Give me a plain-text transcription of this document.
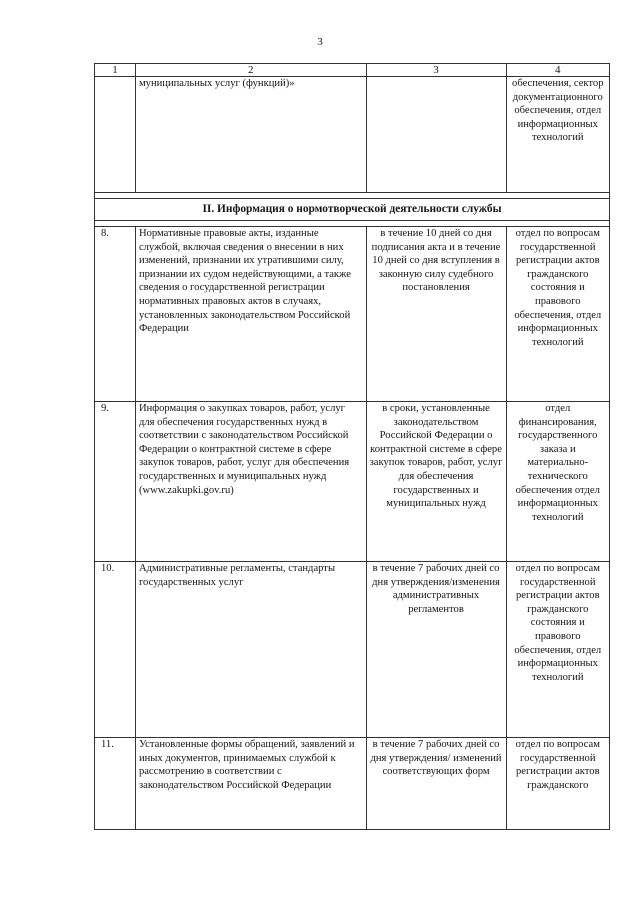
3
1	2	3	4
	муниципальных услуг (функций)»		обеспечения, сектор документационного обеспечения, отдел информационных технологий

II. Информация о нормотворческой деятельности службы			

8.	Нормативные правовые акты, изданные службой, включая сведения о внесении в них изменений, признании их утратившими силу, признании их судом недействующими, а также сведения о государственной регистрации нормативных правовых актов в случаях, установленных законодательством Российской Федерации	в течение 10 дней со дня подписания акта и в течение 10 дней со дня вступления в законную силу судебного постановления	отдел по вопросам государственной регистрации актов гражданского состояния и правового обеспечения, отдел информационных технологий
9.	Информация о закупках товаров, работ, услуг для обеспечения государственных нужд в соответствии с законодательством Российской Федерации о контрактной системе в сфере закупок товаров, работ, услуг для обеспечения государственных и муниципальных нужд (www.zakupki.gov.ru)	в сроки, установленные законодательством Российской Федерации о контрактной системе в сфере закупок товаров, работ, услуг для обеспечения государственных и муниципальных нужд	отдел финансирования, государственного заказа и материально-технического обеспечения отдел информационных технологий
10.	Административные регламенты, стандарты государственных услуг	в течение 7 рабочих дней со дня утверждения/изменения административных регламентов	отдел по вопросам государственной регистрации актов гражданского состояния и правового обеспечения, отдел информационных технологий
11.	Установленные формы обращений, заявлений и иных документов, принимаемых службой к рассмотрению в соответствии с законодательством Российской Федерации	в течение 7 рабочих дней со дня утверждения/ изменений соответствующих форм	отдел по вопросам государственной регистрации актов гражданского
